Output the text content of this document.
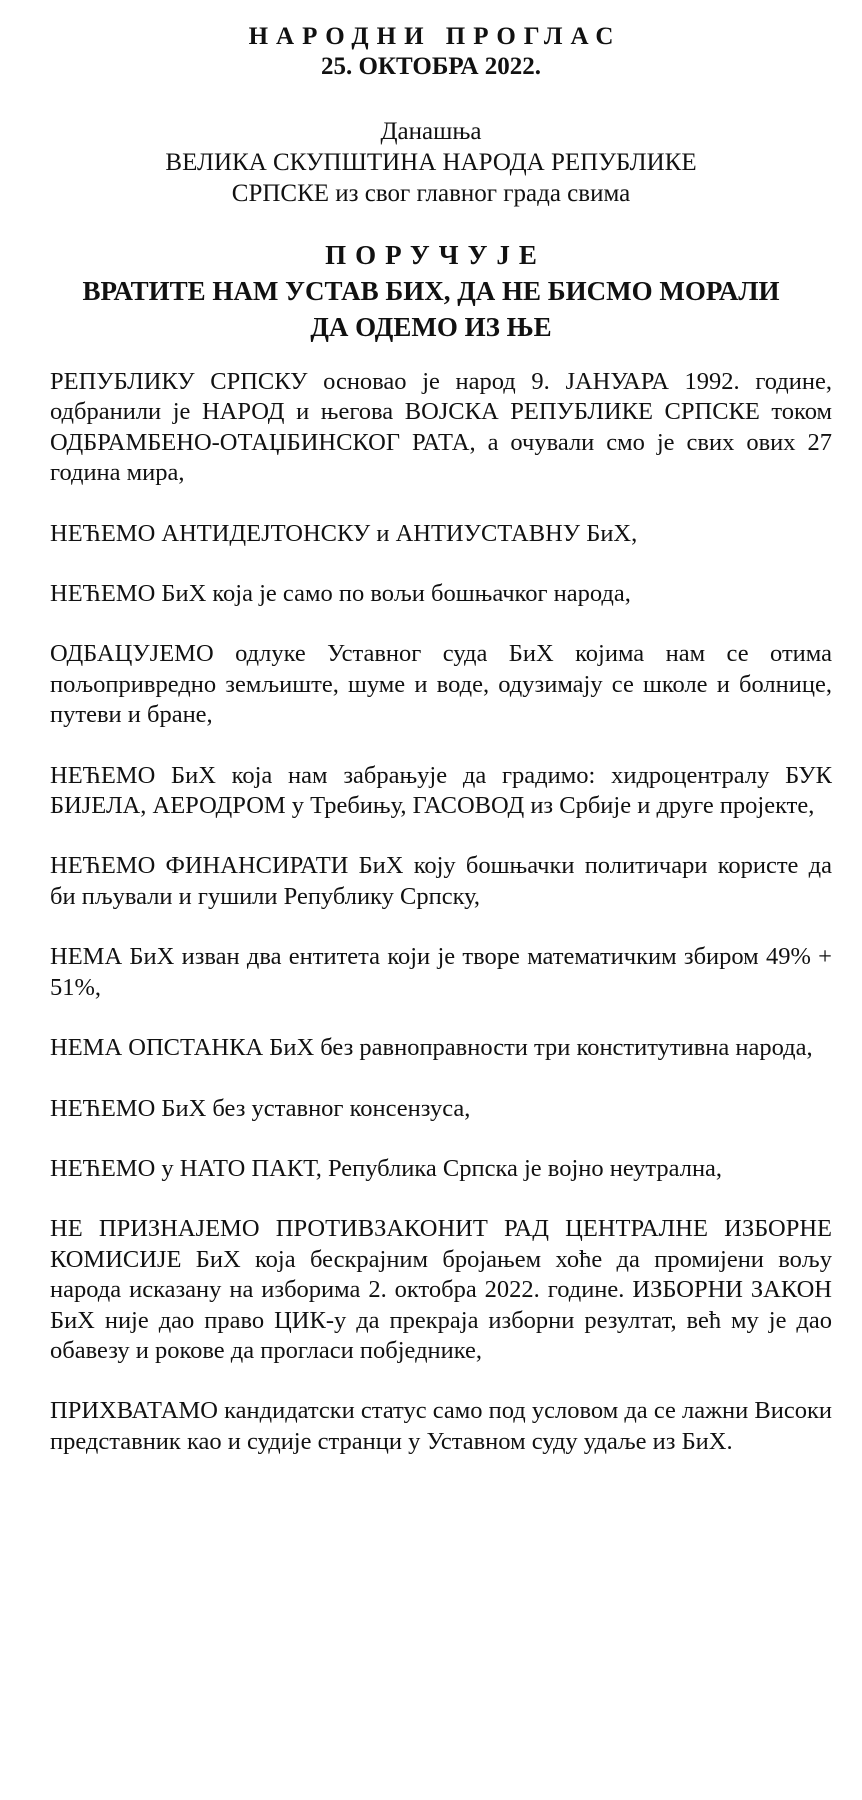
НАРОДНИ ПРОГЛАС
25. ОКТОБРА 2022.
Данашња
ВЕЛИКА СКУПШТИНА НАРОДА РЕПУБЛИКЕ
СРПСКЕ из свог главног града свима
ПОРУЧУЈЕ
ВРАТИТЕ НАМ УСТАВ БИХ, ДА НЕ БИСМО МОРАЛИ
ДА ОДЕМО ИЗ ЊЕ

РЕПУБЛИКУ СРПСКУ основао је народ 9. ЈАНУАРА 1992. године, одбранили је НАРОД и његова ВОЈСКА РЕПУБЛИКЕ СРПСКЕ током ОДБРАМБЕНО-ОТАЏБИНСКОГ РАТА, а очували смо је свих ових 27 година мира,

НЕЋЕМО АНТИДЕЈТОНСКУ и АНТИУСТАВНУ БиХ,

НЕЋЕМО БиХ која је само по вољи бошњачког народа,

ОДБАЦУЈЕМО одлуке Уставног суда БиХ којима нам се отима пољопривредно земљиште, шуме и воде, одузимају се школе и болнице, путеви и бране,

НЕЋЕМО БиХ која нам забрањује да градимо: хидроцентралу БУК БИЈЕЛА, АЕРОДРОМ у Требињу, ГАСОВОД из Србије и друге пројекте,

НЕЋЕМО ФИНАНСИРАТИ БиХ коју бошњачки политичари користе да би пљували и гушили Републику Српску,

НЕМА БиХ изван два ентитета који је творе математичким збиром 49% + 51%,

НЕМА ОПСТАНКА БиХ без равноправности три конститутивна народа,

НЕЋЕМО БиХ без уставног консензуса,

НЕЋЕМО у НАТО ПАКТ, Република Српска је војно неутрална,

НЕ ПРИЗНАЈЕМО ПРОТИВЗАКОНИТ РАД ЦЕНТРАЛНЕ ИЗБОРНЕ КОМИСИЈЕ БиХ која бескрајним бројањем хоће да промијени вољу народа исказану на изборима 2. октобра 2022. године. ИЗБОРНИ ЗАКОН БиХ није дао право ЦИК-у да прекраја изборни резултат, већ му је дао обавезу и рокове да прогласи побједнике,

ПРИХВАТАМО кандидатски статус само под условом да се лажни Високи представник као и судије странци у Уставном суду удаље из БиХ.
